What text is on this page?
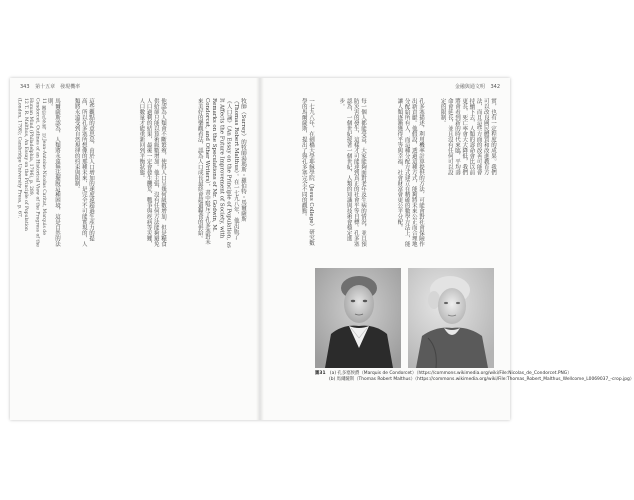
343 第十五章　發現機率
牧師（Surrey）的牧師湯瑪斯・羅伯特・馬爾薩斯（Thomas Robert Malthus）。在一七九八年，他出版了《人口論》（An Essay on the Principle of Population, as It Affects the Future Improvement of Society, with Remarks on the Speculations of Mr. Godwin, M. Condorcet, and Other Writers），書中駁斥了孔多塞對未來美好的樂觀看法，認為人口成長最終會超過糧食的供給。
他認為人類會不斷繁殖，使得人口呈幾何級數增加，但是糧食供給卻只能以算術級數增加。他主張，沒有任何方法能夠避免人口過剩的結果，最後一定會發生饑荒、戰爭與疾病等災難，人口數量才能重新回到平衡狀態。
這些觀點的意思是，由於人口增加的速度遠超過生產力的提高，所以孔多塞所想像的那種未來，是完全不可能實現的，人類將永遠受到自然規律的約束與限制。
馬爾薩斯認為，人類將永遠無法擺脫這種困境，這是自然的法則。
11 關於孔多塞，見 Jean-Antoine-Nicolas Caritat, Marquis de Condorcet, Outlines of an Historical View of the Progress of the Human Mind (Philadelphia, 1796), p. 289.
12 T. R. Malthus, An Essay on the Principle of Population (London, 1798); Cambridge University Press, p. 67.
金融與通文明 342
實，也有一定程度的成果。我們可以改良國民體質和改進教育方法，而且這些方面的改善可能會持續下去，人類的壽命會比以前更長，死亡率會大大降低，我們將會看到新的時代來臨，平均壽命會延長，並且沒有任何可以設定的限制。
孔多塞描述，利用機率計算提供的方法，可能會對社會保險作出新貢獻。他假設，透過這種方式，能夠將未來公正而合理地分配給所有人，而這種分配方式建立在精確的數學方法上，能讓人類逐漸獲得平等與幸福，社會財富會更公平分配。
每一個人都能受益，大家能夠面對老年及生病的情況，並且預防災害的發生，這樣才可能達到真正的社會平等目標。孔多塞認為，一個世紀接著一個世紀，人類的知識與技術會穩定進步。
一七九八年，在劍橋大學耶穌學院（Jesus College）研究數學的馬爾薩斯，提出了與孔多塞完全不同的觀點。
圖31 (a) 孔多塞侯爵（Marquis de Condorcet）（https://commons.wikimedia.org/wiki/File:Nicolas_de_Condorcet.PNG）
(b) 馬爾薩斯（Thomas Robert Malthus）（https://commons.wikimedia.org/wiki/File:Thomas_Robert_Malthus_Wellcome_L0069037_-crop.jpg）
